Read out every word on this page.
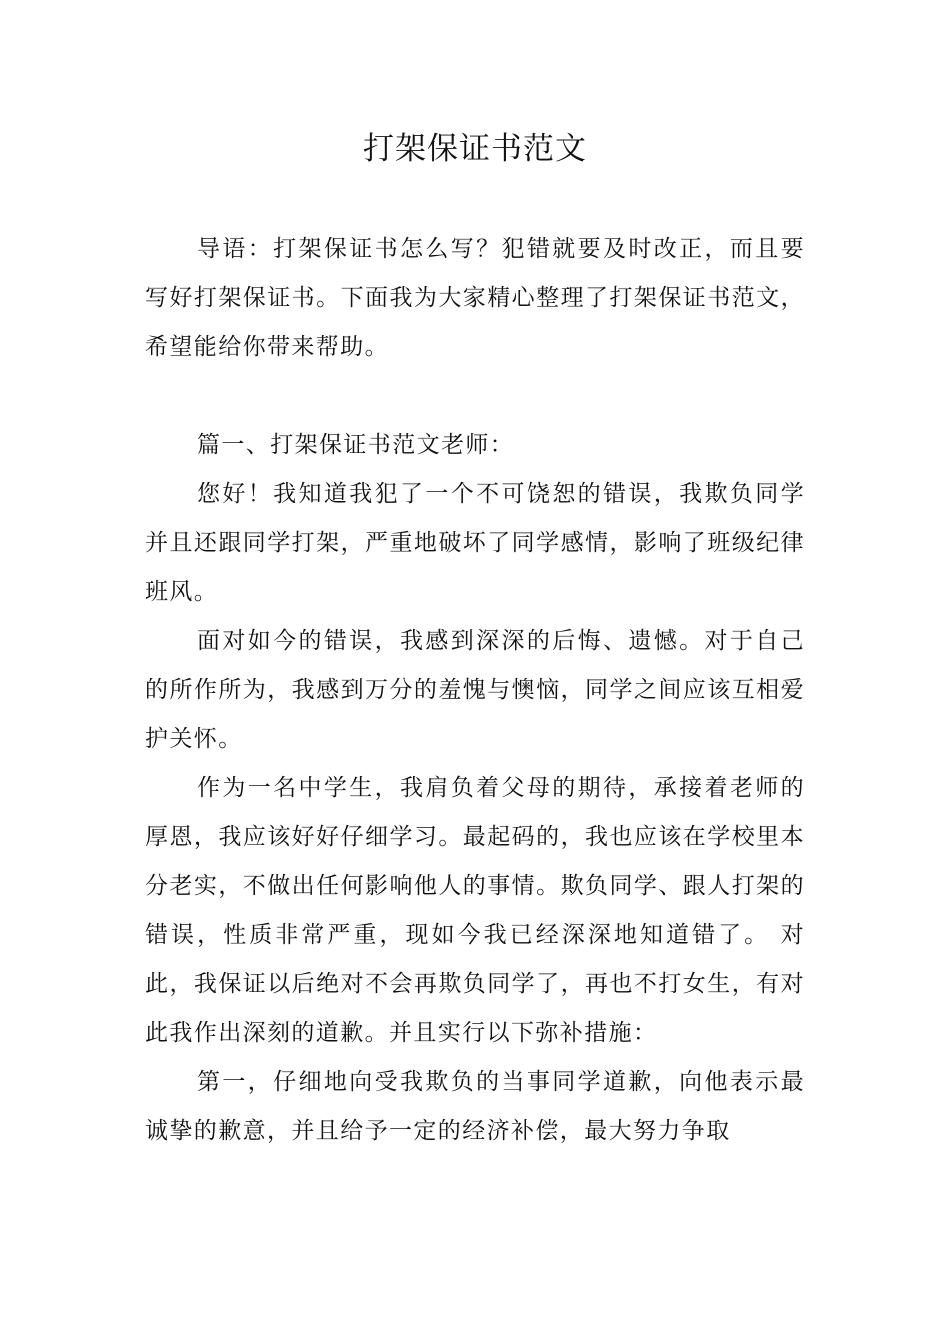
打架保证书范文

导语：打架保证书怎么写？犯错就要及时改正，而且要写好打架保证书。下面我为大家精心整理了打架保证书范文，希望能给你带来帮助。

篇一、打架保证书范文老师：

您好！我知道我犯了一个不可饶恕的错误，我欺负同学并且还跟同学打架，严重地破坏了同学感情，影响了班级纪律班风。

面对如今的错误，我感到深深的后悔、遗憾。对于自己的所作所为，我感到万分的羞愧与懊恼，同学之间应该互相爱护关怀。

作为一名中学生，我肩负着父母的期待，承接着老师的厚恩，我应该好好仔细学习。最起码的，我也应该在学校里本分老实，不做出任何影响他人的事情。欺负同学、跟人打架的错误，性质非常严重，现如今我已经深深地知道错了。 对此，我保证以后绝对不会再欺负同学了，再也不打女生，有对此我作出深刻的道歉。并且实行以下弥补措施：

第一，仔细地向受我欺负的当事同学道歉，向他表示最诚挚的歉意，并且给予一定的经济补偿，最大努力争取
